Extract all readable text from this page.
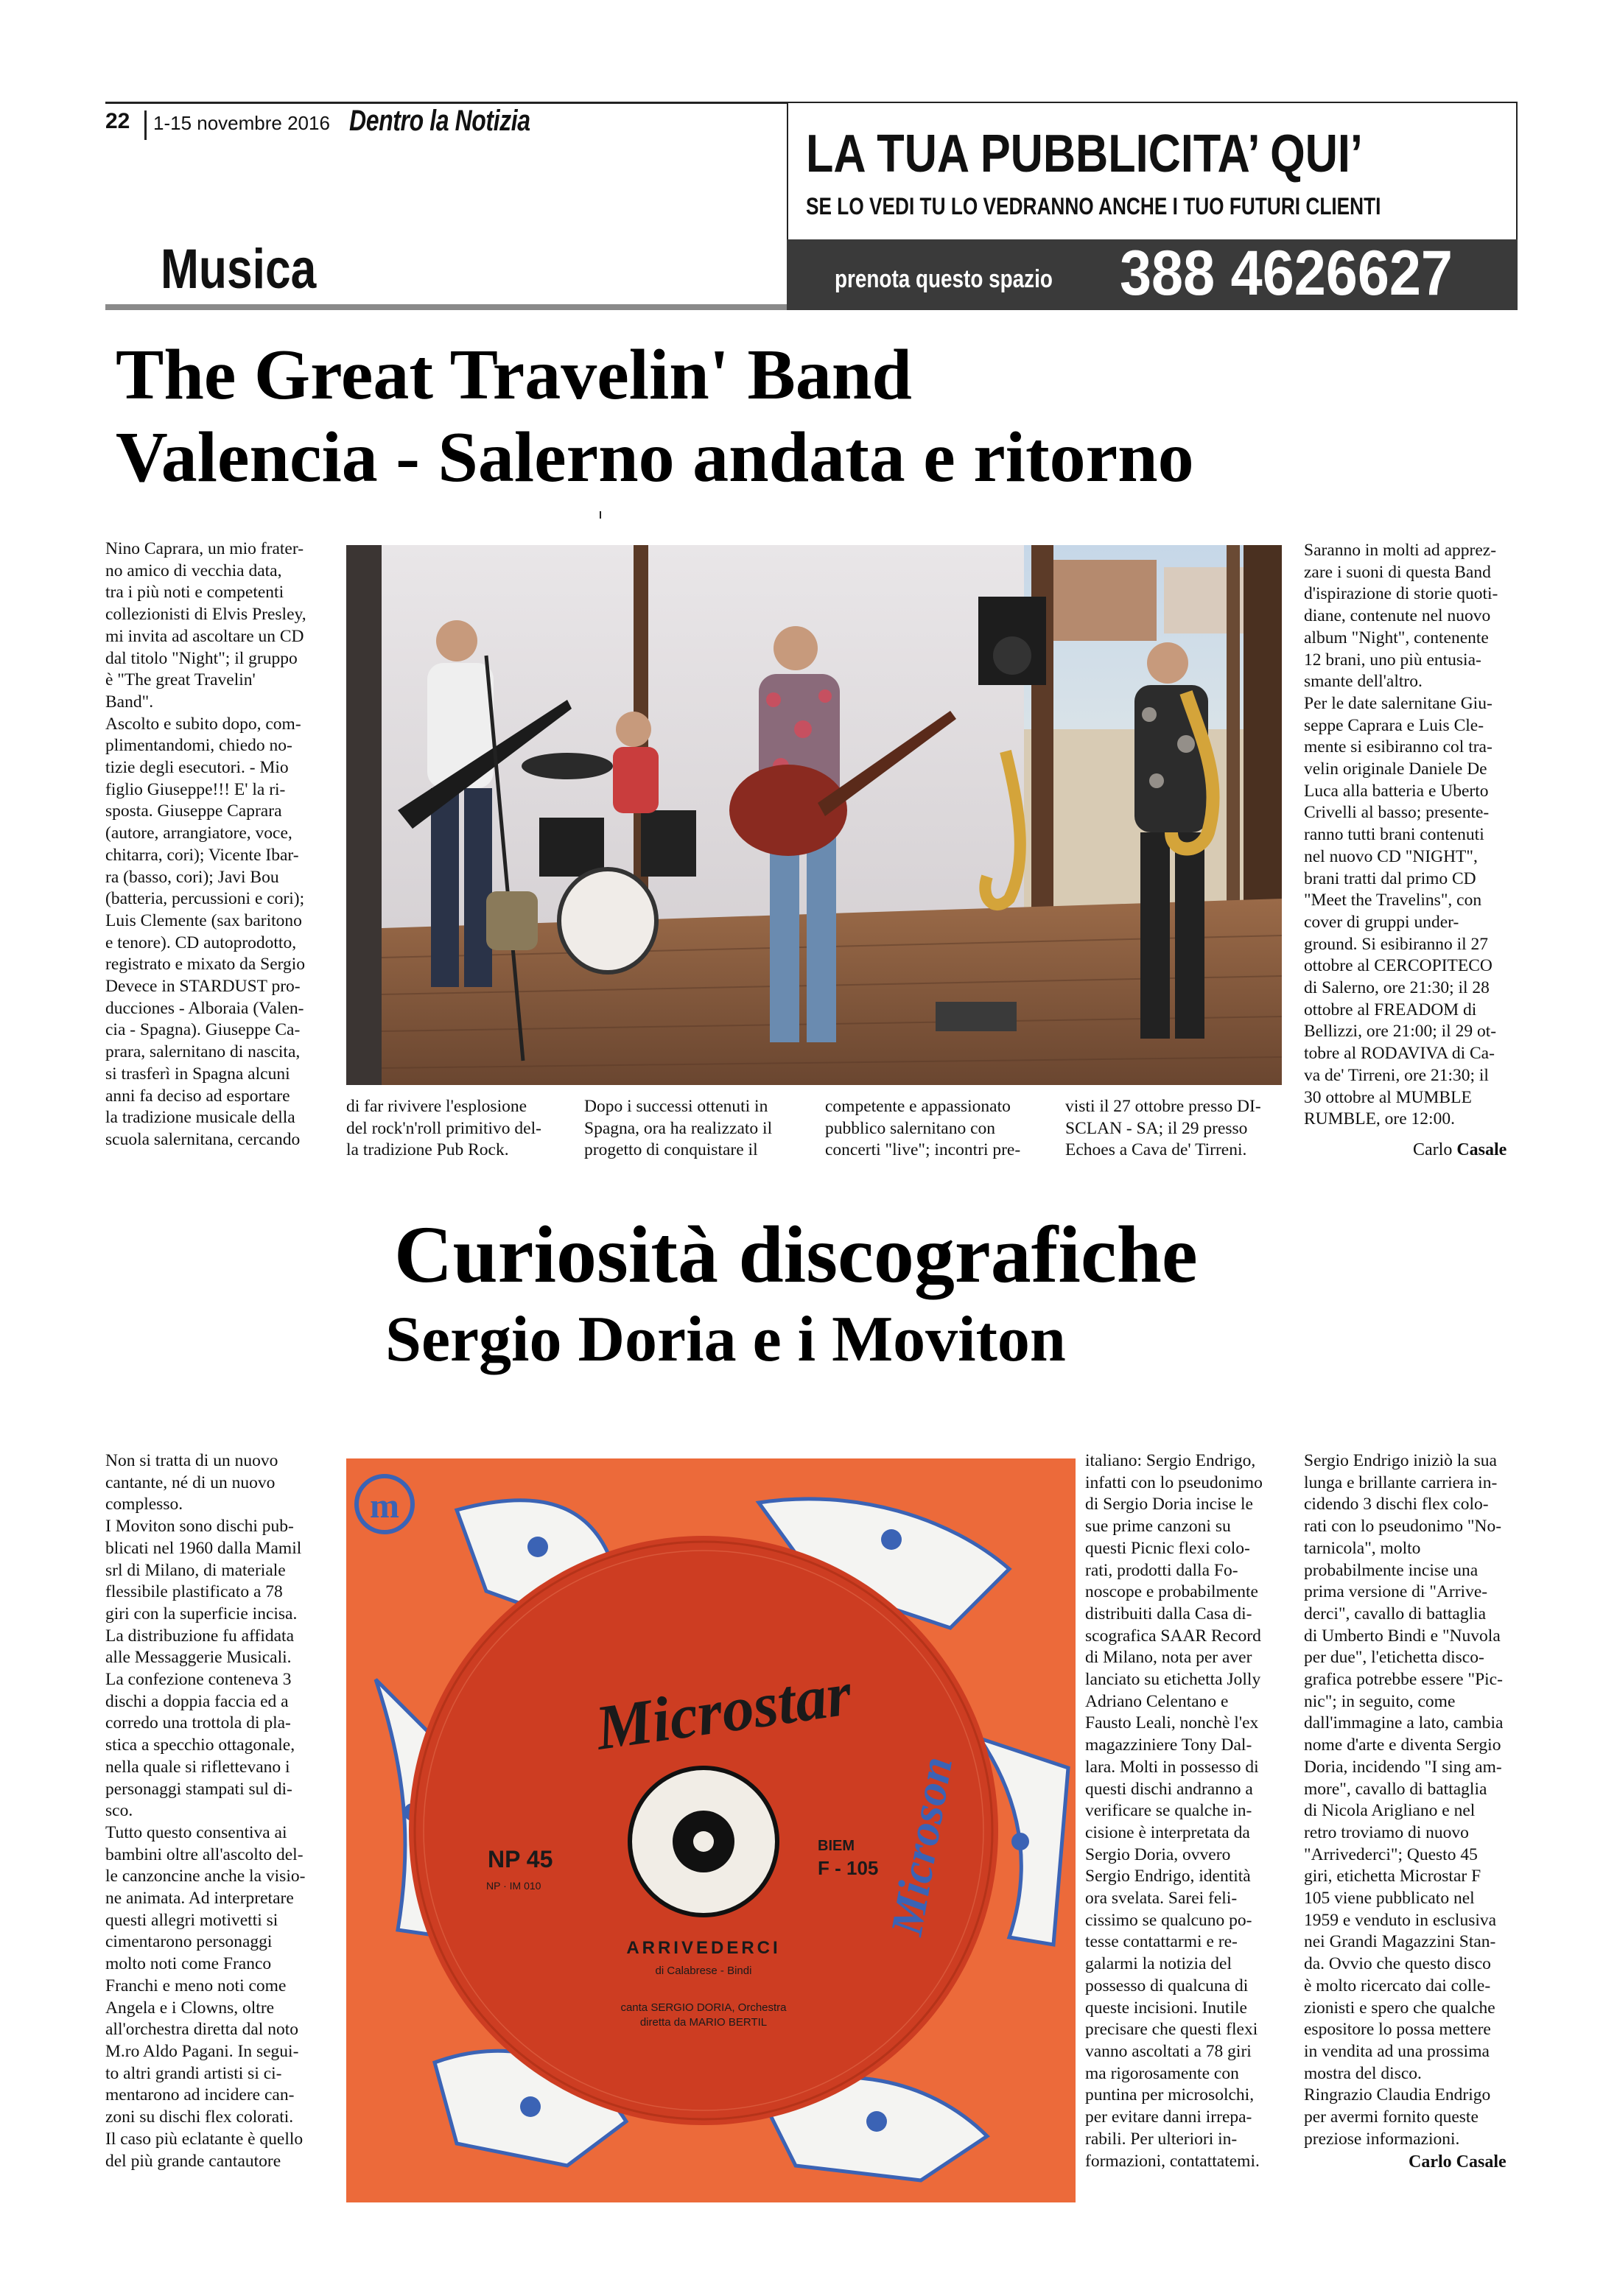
22 1-15 novembre 2016 Dentro la Notizia
Musica
LA TUA PUBBLICITA’ QUI’
SE LO VEDI TU LO VEDRANNO ANCHE I TUO FUTURI CLIENTI
prenota questo spazio 388 4626627
The Great Travelin' Band
Valencia - Salerno andata e ritorno
Nino Caprara, un mio frater-
no amico di vecchia data,
tra i più noti e competenti
collezionisti di Elvis Presley,
mi invita ad ascoltare un CD
dal titolo "Night"; il gruppo
è "The great Travelin'
Band".
Ascolto e subito dopo, com-
plimentandomi, chiedo no-
tizie degli esecutori. - Mio
figlio Giuseppe!!! E' la ri-
sposta. Giuseppe Caprara
(autore, arrangiatore, voce,
chitarra, cori); Vicente Ibar-
ra (basso, cori); Javi Bou
(batteria, percussioni e cori);
Luis Clemente (sax baritono
e tenore). CD autoprodotto,
registrato e mixato da Sergio
Devece in STARDUST pro-
ducciones - Alboraia (Valen-
cia - Spagna). Giuseppe Ca-
prara, salernitano di nascita,
si trasferì in Spagna alcuni
anni fa deciso ad esportare
la tradizione musicale della
scuola salernitana, cercando
di far rivivere l'esplosione
del rock'n'roll primitivo del-
la tradizione Pub Rock.
Dopo i successi ottenuti in
Spagna, ora ha realizzato il
progetto di conquistare il
competente e appassionato
pubblico salernitano con
concerti "live"; incontri pre-
visti il 27 ottobre presso DI-
SCLAN - SA; il 29 presso
Echoes a Cava de' Tirreni.
Saranno in molti ad apprez-
zare i suoni di questa Band
d'ispirazione di storie quoti-
diane, contenute nel nuovo
album "Night", contenente
12 brani, uno più entusia-
smante dell'altro.
Per le date salernitane Giu-
seppe Caprara e Luis Cle-
mente si esibiranno col tra-
velin originale Daniele De
Luca alla batteria e Uberto
Crivelli al basso; presente-
ranno tutti brani contenuti
nel nuovo CD "NIGHT",
brani tratti dal primo CD
"Meet the Travelins", con
cover di gruppi under-
ground. Si esibiranno il 27
ottobre al CERCOPITECO
di Salerno, ore 21:30; il 28
ottobre al FREADOM di
Bellizzi, ore 21:00; il 29 ot-
tobre al RODAVIVA di Ca-
va de' Tirreni, ore 21:30; il
30 ottobre al MUMBLE
RUMBLE, ore 12:00.
Carlo Casale
Curiosità discografiche
Sergio Doria e i Moviton
Non si tratta di un nuovo
cantante, né di un nuovo
complesso.
I Moviton sono dischi pub-
blicati nel 1960 dalla Mamil
srl di Milano, di materiale
flessibile plastificato a 78
giri con la superficie incisa.
La distribuzione fu affidata
alle Messaggerie Musicali.
La confezione conteneva 3
dischi a doppia faccia ed a
corredo una trottola di pla-
stica a specchio ottagonale,
nella quale si riflettevano i
personaggi stampati sul di-
sco.
Tutto questo consentiva ai
bambini oltre all'ascolto del-
le canzoncine anche la visio-
ne animata. Ad interpretare
questi allegri motivetti si
cimentarono personaggi
molto noti come Franco
Franchi e meno noti come
Angela e i Clowns, oltre
all'orchestra diretta dal noto
M.ro Aldo Pagani. In segui-
to altri grandi artisti si ci-
mentarono ad incidere can-
zoni su dischi flex colorati.
Il caso più eclatante è quello
del più grande cantautore
m
Microstar
NP 45
NP · IM 010
BIEM
F - 105
ARRIVEDERCI
di Calabrese - Bindi
canta SERGIO DORIA, Orchestra
diretta da MARIO BERTIL
Microson
italiano: Sergio Endrigo,
infatti con lo pseudonimo
di Sergio Doria incise le
sue prime canzoni su
questi Picnic flexi colo-
rati, prodotti dalla Fo-
noscope e probabilmente
distribuiti dalla Casa di-
scografica SAAR Record
di Milano, nota per aver
lanciato su etichetta Jolly
Adriano Celentano e
Fausto Leali, nonchè l'ex
magazziniere Tony Dal-
lara. Molti in possesso di
questi dischi andranno a
verificare se qualche in-
cisione è interpretata da
Sergio Doria, ovvero
Sergio Endrigo, identità
ora svelata. Sarei feli-
cissimo se qualcuno po-
tesse contattarmi e re-
galarmi la notizia del
possesso di qualcuna di
queste incisioni. Inutile
precisare che questi flexi
vanno ascoltati a 78 giri
ma rigorosamente con
puntina per microsolchi,
per evitare danni irrepa-
rabili. Per ulteriori in-
formazioni, contattatemi.
Sergio Endrigo iniziò la sua
lunga e brillante carriera in-
cidendo 3 dischi flex colo-
rati con lo pseudonimo "No-
tarnicola", molto
probabilmente incise una
prima versione di "Arrive-
derci", cavallo di battaglia
di Umberto Bindi e "Nuvola
per due", l'etichetta disco-
grafica potrebbe essere "Pic-
nic"; in seguito, come
dall'immagine a lato, cambia
nome d'arte e diventa Sergio
Doria, incidendo "I sing am-
more", cavallo di battaglia
di Nicola Arigliano e nel
retro troviamo di nuovo
"Arrivederci"; Questo 45
giri, etichetta Microstar F
105 viene pubblicato nel
1959 e venduto in esclusiva
nei Grandi Magazzini Stan-
da. Ovvio che questo disco
è molto ricercato dai colle-
zionisti e spero che qualche
espositore lo possa mettere
in vendita ad una prossima
mostra del disco.
Ringrazio Claudia Endrigo
per avermi fornito queste
preziose informazioni.
Carlo Casale
